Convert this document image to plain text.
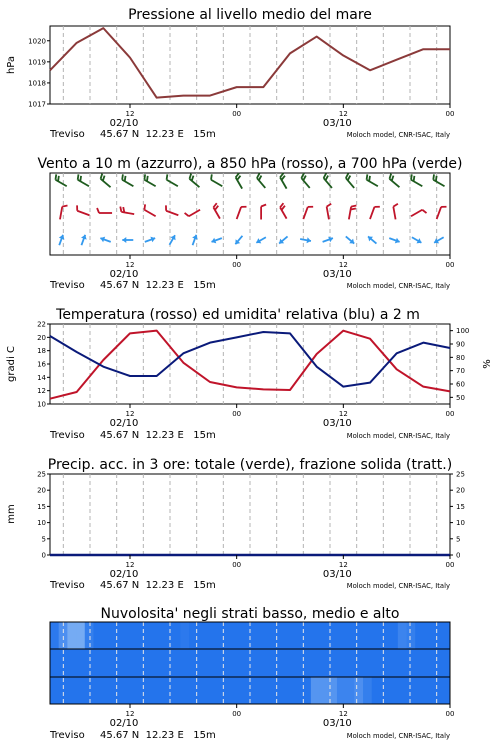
Pressione al livello medio del mare
1017
1018
1019
1020
hPa
12	00	12	00
02/10	03/10
Treviso 45.67 N  12.23 E   15m	Moloch model, CNR-ISAC, Italy
Vento a 10 m (azzurro), a 850 hPa (rosso), a 700 hPa (verde)
12	00	12	00
02/10	03/10
Treviso 45.67 N  12.23 E   15m	Moloch model, CNR-ISAC, Italy
Temperatura (rosso) ed umidita' relativa (blu) a 2 m
10
12
14
16
18
20
22
50
60
70
80
90
100
gradi C	%
12	00	12	00
02/10	03/10
Treviso 45.67 N  12.23 E   15m	Moloch model, CNR-ISAC, Italy
Precip. acc. in 3 ore: totale (verde), frazione solida (tratt.)
0
5
10
15
20
25
0
5
10
15
20
25
mm
12	00	12	00
02/10	03/10
Treviso 45.67 N  12.23 E   15m	Moloch model, CNR-ISAC, Italy
Nuvolosita' negli strati basso, medio e alto
12	00	12	00
02/10	03/10
Treviso 45.67 N  12.23 E   15m	Moloch model, CNR-ISAC, Italy
